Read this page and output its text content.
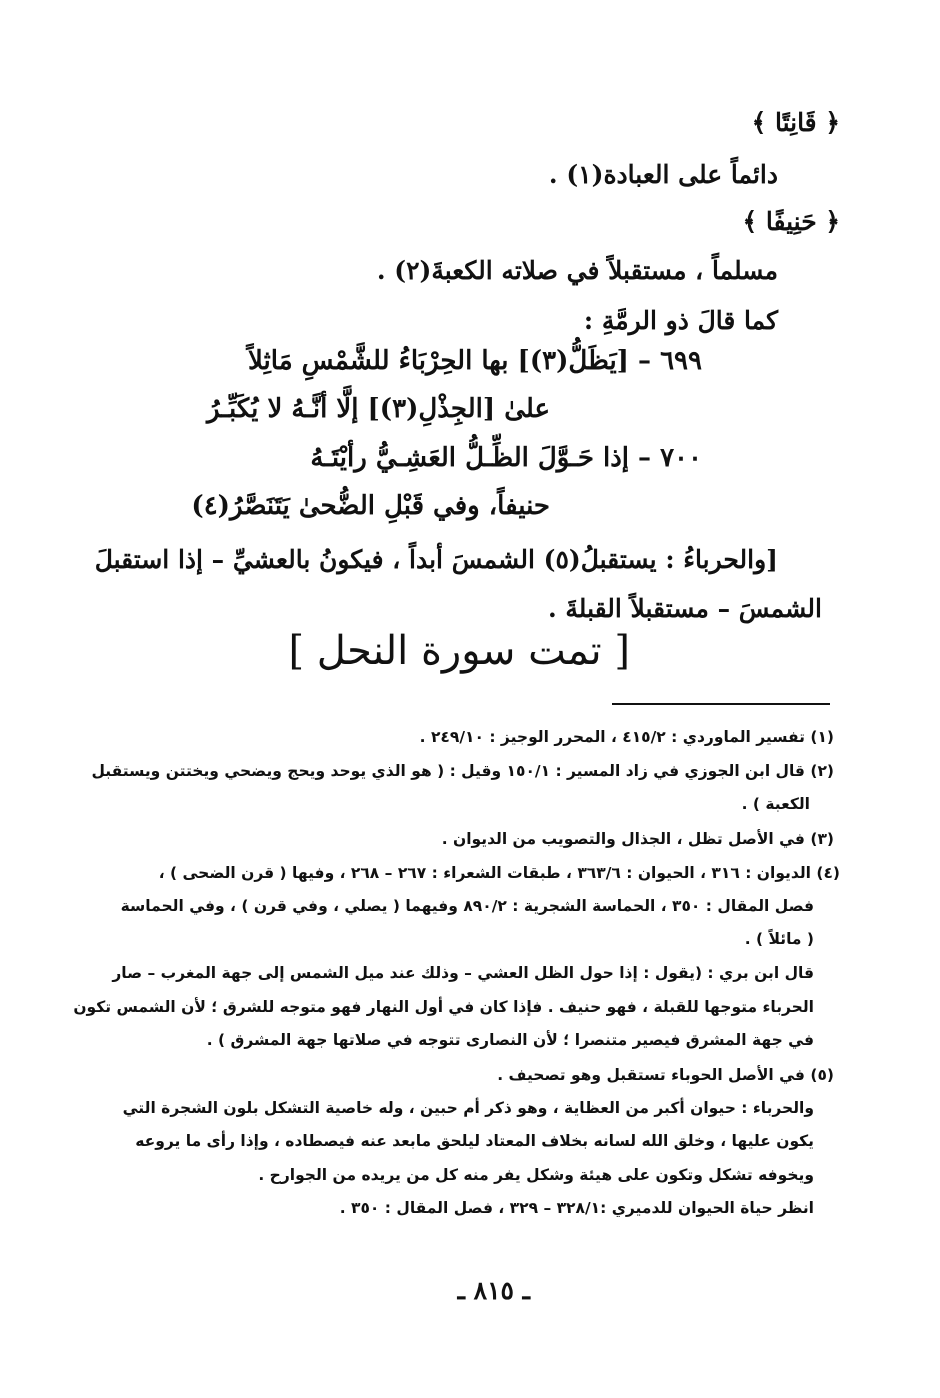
﴿ قَانِتًا ﴾
دائماً على العبادة(١) .
﴿ حَنِيفًا ﴾
مسلماً ، مستقبلاً في صلاته الكعبةَ(٢) .
كما قالَ ذو الرمَّةِ :
٦٩٩ – [يَظَلُّ(٣)] بها الحِرْبَاءُ للشَّمْسِ مَاثِلاً
علىٰ [الجِذْلِ(٣)] إلَّا أنَّـهُ لا يُكَبِّـرُ
٧٠٠ – إذا حَـوَّلَ الظِّـلُّ العَشِـيُّ رأيْتَـهُ
حنيفاً، وفي قَبْلِ الضُّحىٰ يَتَنَصَّرُ(٤)
[والحرباءُ : يستقبلُ(٥) الشمسَ أبداً ، فيكونُ بالعشيِّ – إذا استقبلَ
الشمسَ – مستقبلاً القبلةَ .
[ تمت سورة النحل ]
(١) تفسير الماوردي : ٤١٥/٢ ، المحرر الوجيز : ٢٤٩/١٠ .
(٢) قال ابن الجوزي في زاد المسير : ١٥٠/١ وقيل : ( هو الذي يوحد ويحج ويضحي ويختتن ويستقبل
الكعبة ) .
(٣) في الأصل تظل ، الجذال والتصويب من الديوان .
(٤) الديوان : ٣١٦ ، الحيوان : ٣٦٣/٦ ، طبقات الشعراء : ٢٦٧ – ٢٦٨ ، وفيها ( قرن الضحى ) ،
فصل المقال : ٣٥٠ ، الحماسة الشجرية : ٨٩٠/٢ وفيهما ( يصلي ، وفي قرن ) ، وفي الحماسة
( مائلاً ) .
قال ابن بري : (يقول : إذا حول الظل العشي – وذلك عند ميل الشمس إلى جهة المغرب – صار
الحرباء متوجها للقبلة ، فهو حنيف . فإذا كان في أول النهار فهو متوجه للشرق ؛ لأن الشمس تكون
في جهة المشرق فيصير متنصرا ؛ لأن النصارى تتوجه في صلاتها جهة المشرق ) .
(٥) في الأصل الحوباء تستقبل وهو تصحيف .
والحرباء : حيوان أكبر من العظاية ، وهو ذكر أم حبين ، وله خاصية التشكل بلون الشجرة التي
يكون عليها ، وخلق الله لسانه بخلاف المعتاد ليلحق مابعد عنه فيصطاده ، وإذا رأى ما يروعه
ويخوفه تشكل وتكون على هيئة وشكل يفر منه كل من يريده من الجوارح .
انظر حياة الحيوان للدميري :٣٢٨/١ – ٣٢٩ ، فصل المقال : ٣٥٠ .
ـ ٨١٥ ـ
